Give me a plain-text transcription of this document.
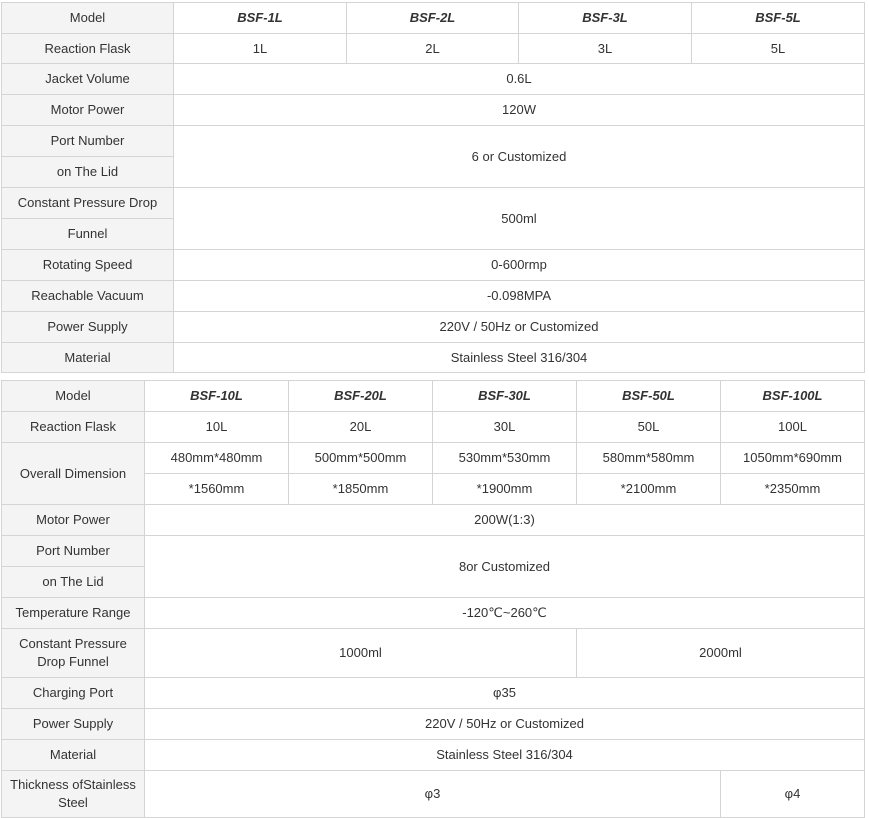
Model	BSF-1L	BSF-2L	BSF-3L	BSF-5L
Reaction Flask	1L	2L	3L	5L
Jacket Volume	0.6L			
Motor Power	120W			
Port Number	6 or Customized			
on The Lid				
Constant Pressure Drop	500ml			
Funnel				
Rotating Speed	0-600rmp			
Reachable Vacuum	-0.098MPA			
Power Supply	220V / 50Hz or Customized			
Material	Stainless Steel 316/304			
Model	BSF-10L	BSF-20L	BSF-30L	BSF-50L	BSF-100L
Reaction Flask	10L	20L	30L	50L	100L
Overall Dimension	480mm*480mm	500mm*500mm	530mm*530mm	580mm*580mm	1050mm*690mm
	*1560mm	*1850mm	*1900mm	*2100mm	*2350mm
Motor Power	200W(1:3)				
Port Number	8or Customized				
on The Lid					
Temperature Range	-120℃~260℃				
Constant Pressure
Drop Funnel	1000ml			2000ml	
Charging Port	φ35				
Power Supply	220V / 50Hz or Customized				
Material	Stainless Steel 316/304				
Thickness ofStainless
Steel	φ3				φ4
